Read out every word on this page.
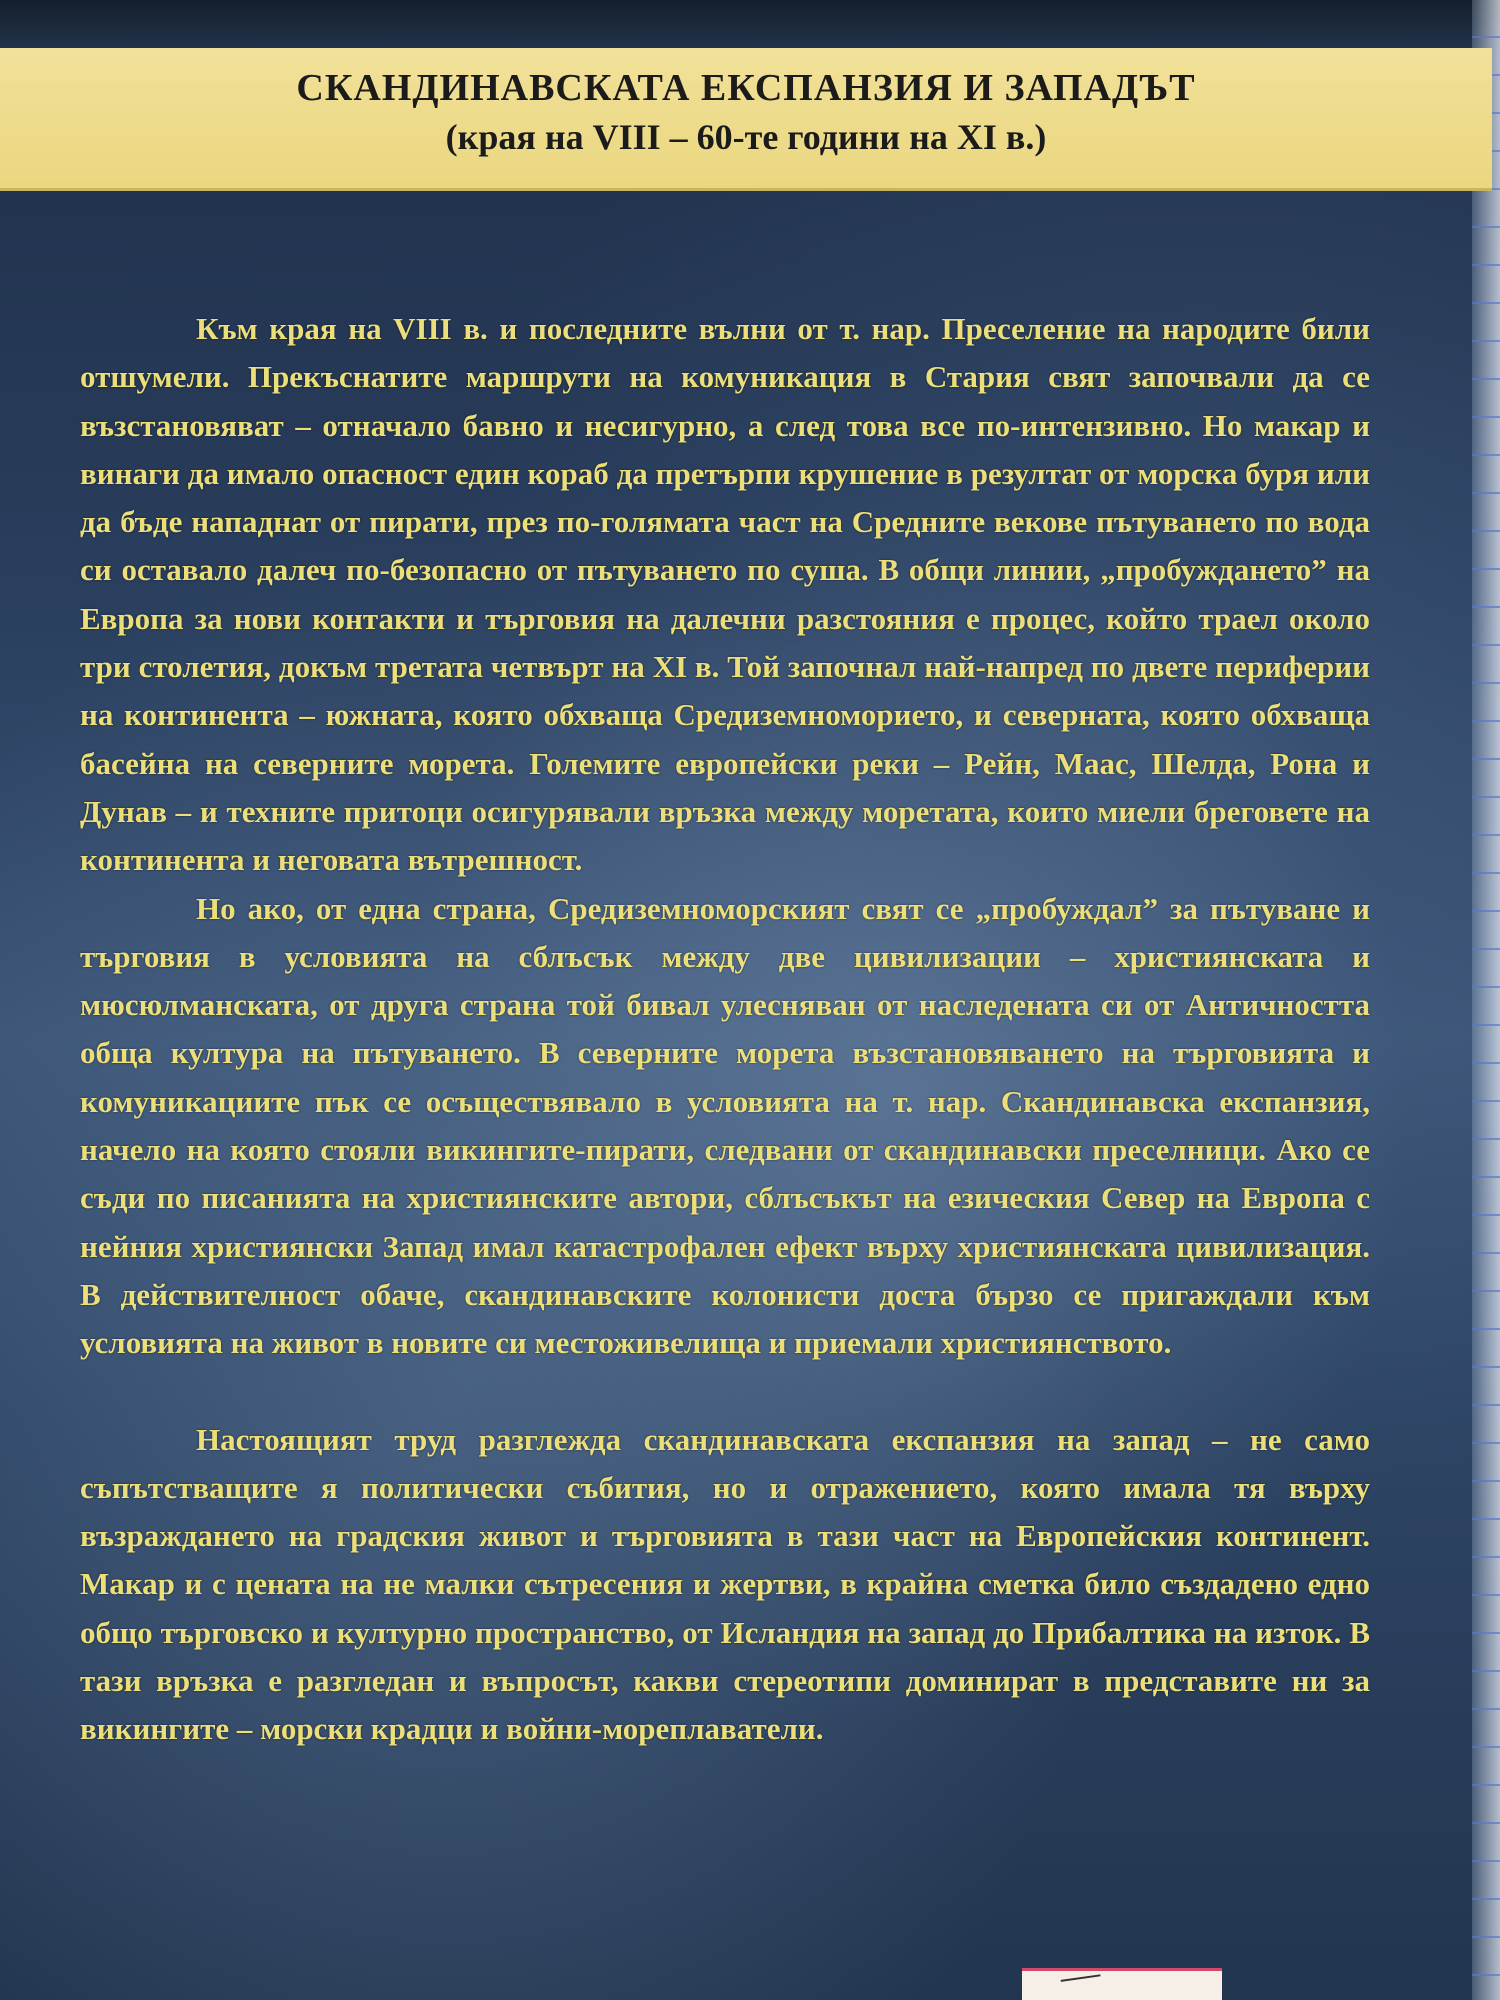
СКАНДИНАВСКАТА ЕКСПАНЗИЯ И ЗАПАДЪТ
(края на VIII – 60-те години на XI в.)

Към края на VIII в. и последните вълни от т. нар. Преселение на народите били отшумели. Прекъснатите маршрути на комуникация в Стария свят започвали да се възстановяват – отначало бавно и несигурно, а след това все по-интензивно. Но макар и винаги да имало опасност един кораб да претърпи крушение в резултат от морска буря или да бъде нападнат от пирати, през по-голямата част на Средните векове пътуването по вода си оставало далеч по-безопасно от пътуването по суша. В общи линии, „пробуждането” на Европа за нови контакти и търговия на далечни разстояния е процес, който траел около три столетия, докъм третата четвърт на XI в. Той започнал най-напред по двете периферии на континента – южната, която обхваща Средиземноморието, и северната, която обхваща басейна на северните морета. Големите европейски реки – Рейн, Маас, Шелда, Рона и Дунав – и техните притоци осигурявали връзка между моретата, които миели бреговете на континента и неговата вътрешност.

Но ако, от една страна, Средиземноморският свят се „пробуждал” за пътуване и търговия в условията на сблъсък между две цивилизации – християнската и мюсюлманската, от друга страна той бивал улесняван от наследената си от Античността обща култура на пътуването. В северните морета възстановяването на търговията и комуникациите пък се осъществявало в условията на т. нар. Скандинавска експанзия, начело на която стояли викингите-пирати, следвани от скандинавски преселници. Ако се съди по писанията на християнските автори, сблъсъкът на езическия Север на Европа с нейния християнски Запад имал катастрофален ефект върху християнската цивилизация. В действителност обаче, скандинавските колонисти доста бързо се пригаждали към условията на живот в новите си местоживелища и приемали християнството.

Настоящият труд разглежда скандинавската експанзия на запад – не само съпътстващите я политически събития, но и отражението, която имала тя върху възраждането на градския живот и търговията в тази част на Европейския континент. Макар и с цената на не малки сътресения и жертви, в крайна сметка било създадено едно общо търговско и културно пространство, от Исландия на запад до Прибалтика на изток. В тази връзка е разгледан и въпросът, какви стереотипи доминират в представите ни за викингите – морски крадци и войни-мореплаватели.
